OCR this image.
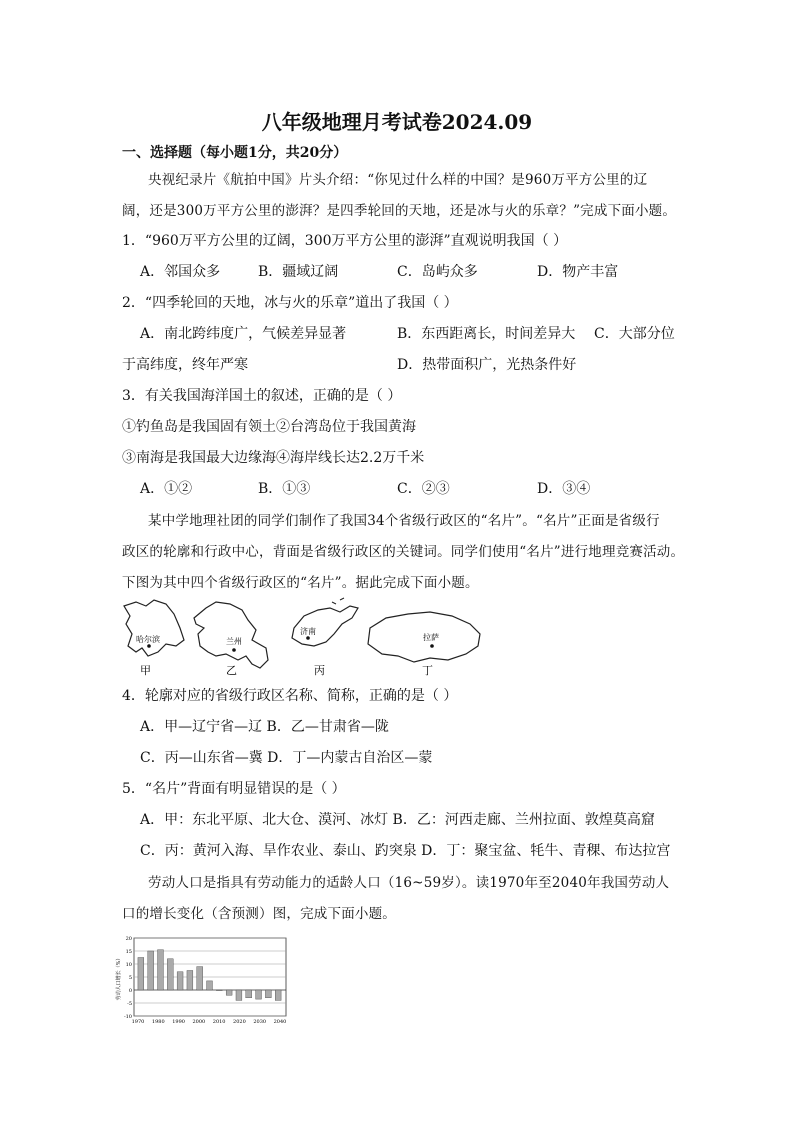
八年级地理月考试卷2024.09
一、选择题（每小题1分，共20分）
央视纪录片《航拍中国》片头介绍：“你见过什么样的中国？是960万平方公里的辽
阔，还是300万平方公里的澎湃？是四季轮回的天地，还是冰与火的乐章？”完成下面小题。
1．“960万平方公里的辽阔，300万平方公里的澎湃”直观说明我国（ ）
A．邻国众多	B．疆域辽阔	C．岛屿众多	D．物产丰富
2．“四季轮回的天地，冰与火的乐章”道出了我国（ ）
A．南北跨纬度广，气候差异显著	B．东西距离长，时间差异大 C．大部分位
于高纬度，终年严寒	D．热带面积广，光热条件好
3．有关我国海洋国土的叙述，正确的是（ ）
①钓鱼岛是我国固有领土②台湾岛位于我国黄海
③南海是我国最大边缘海④海岸线长达2.2万千米
A．①②	B．①③	C．②③	D．③④
某中学地理社团的同学们制作了我国34个省级行政区的“名片”。“名片”正面是省级行
政区的轮廓和行政中心，背面是省级行政区的关键词。同学们使用“名片”进行地理竞赛活动。
下图为其中四个省级行政区的“名片”。据此完成下面小题。
哈尔滨	兰州
济南
拉萨
甲	乙	丙	丁
4．轮廓对应的省级行政区名称、简称，正确的是（ ）
A．甲—辽宁省—辽 B．乙—甘肃省—陇
C．丙—山东省—冀 D．丁—内蒙古自治区—蒙
5．“名片”背面有明显错误的是（ ）
A．甲：东北平原、北大仓、漠河、冰灯 B．乙：河西走廊、兰州拉面、敦煌莫高窟
C．丙：黄河入海、旱作农业、泰山、趵突泉 D．丁：聚宝盆、牦牛、青稞、布达拉宫
劳动人口是指具有劳动能力的适龄人口（16~59岁）。读1970年至2040年我国劳动人
口的增长变化（含预测）图，完成下面小题。
20
15
10
5
0
-5
-10
1970 1980 1990 2000 2010 2020 2030 2040
劳动人口增长（%）
